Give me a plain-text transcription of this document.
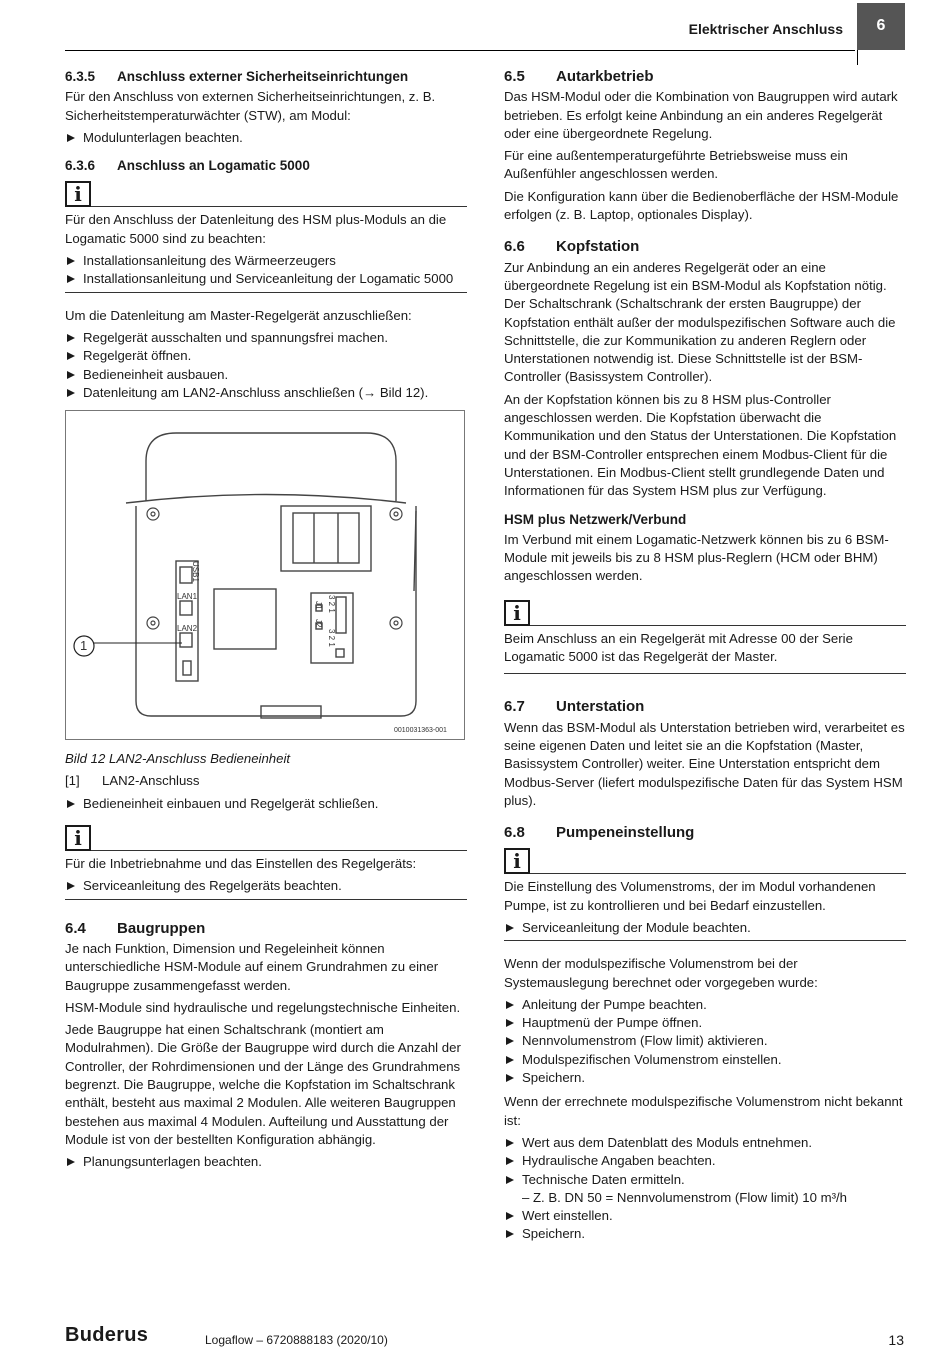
Elektrischer Anschluss	6
6.3.5 Anschluss externer Sicherheitseinrichtungen

Für den Anschluss von externen Sicherheitseinrichtungen, z. B. Sicherheitstemperaturwächter (STW), am Modul:

Modulunterlagen beachten.
6.3.6 Anschluss an Logamatic 5000
i

Für den Anschluss der Datenleitung des HSM plus-Moduls an die Logamatic 5000 sind zu beachten:

Installationsanleitung des Wärmeerzeugers
Installationsanleitung und Serviceanleitung der Logamatic 5000

Um die Datenleitung am Master-Regelgerät anzuschließen:

Regelgerät ausschalten und spannungsfrei machen.
Regelgerät öffnen.
Bedieneinheit ausbauen.
Datenleitung am LAN2-Anschluss anschließen (→ Bild 12).
LAN1
LAN2
USB1
J1
J2
3 2 1
3 2 1
1
0010031363-001

Bild 12 LAN2-Anschluss Bedieneinheit

[1]	LAN2-Anschluss
Bedieneinheit einbauen und Regelgerät schließen.
i

Für die Inbetriebnahme und das Einstellen des Regelgeräts:

Serviceanleitung des Regelgeräts beachten.
6.4 Baugruppen

Je nach Funktion, Dimension und Regeleinheit können unterschiedliche HSM-Module auf einem Grundrahmen zu einer Baugruppe zusammengefasst werden.

HSM-Module sind hydraulische und regelungstechnische Einheiten.

Jede Baugruppe hat einen Schaltschrank (montiert am Modulrahmen). Die Größe der Baugruppe wird durch die Anzahl der Controller, der Rohrdimensionen und der Länge des Grundrahmens begrenzt. Die Baugruppe, welche die Kopfstation im Schaltschrank enthält, besteht aus maximal 2 Modulen. Alle weiteren Baugruppen bestehen aus maximal 4 Modulen. Aufteilung und Ausstattung der Module ist von der bestellten Konfiguration abhängig.

Planungsunterlagen beachten.
6.5 Autarkbetrieb

Das HSM-Modul oder die Kombination von Baugruppen wird autark betrieben. Es erfolgt keine Anbindung an ein anderes Regelgerät oder eine übergeordnete Regelung.

Für eine außentemperaturgeführte Betriebsweise muss ein Außenfühler angeschlossen werden.

Die Konfiguration kann über die Bedienoberfläche der HSM-Module erfolgen (z. B. Laptop, optionales Display).

6.6 Kopfstation

Zur Anbindung an ein anderes Regelgerät oder an eine übergeordnete Regelung ist ein BSM-Modul als Kopfstation nötig. Der Schaltschrank (Schaltschrank der ersten Baugruppe) der Kopfstation enthält außer der modulspezifischen Software auch die Schnittstelle, die zur Kommunikation zu anderen Reglern oder Unterstationen notwendig ist. Diese Schnittstelle ist der BSM-Controller (Basissystem Controller).

An der Kopfstation können bis zu 8 HSM plus-Controller angeschlossen werden. Die Kopfstation überwacht die Kommunikation und den Status der Unterstationen. Die Kopfstation und der BSM-Controller entsprechen einem Modbus-Client für die Unterstationen. Ein Modbus-Client stellt grundlegende Daten und Informationen für das System HSM plus zur Verfügung.

HSM plus Netzwerk/Verbund

Im Verbund mit einem Logamatic-Netzwerk können bis zu 6 BSM-Module mit jeweils bis zu 8 HSM plus-Reglern (HCM oder BHM) angeschlossen werden.

i

Beim Anschluss an ein Regelgerät mit Adresse 00 der Serie Logamatic 5000 ist das Regelgerät der Master.

6.7 Unterstation

Wenn das BSM-Modul als Unterstation betrieben wird, verarbeitet es seine eigenen Daten und leitet sie an die Kopfstation (Master, Basissystem Controller) weiter. Eine Unterstation entspricht dem Modbus-Server (liefert modulspezifische Daten für das System HSM plus).

6.8 Pumpeneinstellung
i

Die Einstellung des Volumenstroms, der im Modul vorhandenen Pumpe, ist zu kontrollieren und bei Bedarf einzustellen.

Serviceanleitung der Module beachten.

Wenn der modulspezifische Volumenstrom bei der Systemauslegung berechnet oder vorgegeben wurde:

Anleitung der Pumpe beachten.
Hauptmenü der Pumpe öffnen.
Nennvolumenstrom (Flow limit) aktivieren.
Modulspezifischen Volumenstrom einstellen.
Speichern.

Wenn der errechnete modulspezifische Volumenstrom nicht bekannt ist:

Wert aus dem Datenblatt des Moduls entnehmen.
Hydraulische Angaben beachten.
Technische Daten ermitteln.
– Z. B. DN 50 = Nennvolumenstrom (Flow limit) 10 m³/h
Wert einstellen.
Speichern.
Buderus	Logaflow – 6720888183 (2020/10)	13
